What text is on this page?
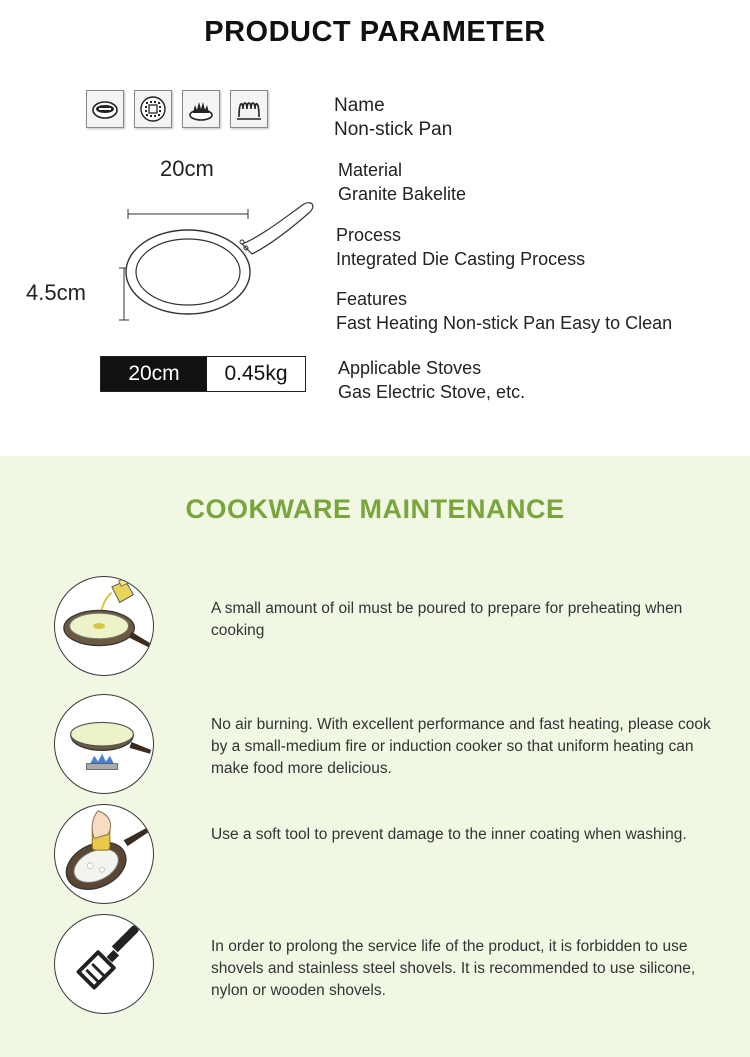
PRODUCT PARAMETER
20cm
4.5cm
20cm	0.45kg
Name
Non-stick Pan
Material
Granite Bakelite
Process
Integrated Die Casting Process
Features
Fast Heating Non-stick Pan Easy to Clean
Applicable Stoves
Gas Electric Stove, etc.
COOKWARE MAINTENANCE

A small amount of oil must be poured to prepare for preheating when cooking

No air burning. With excellent performance and fast heating, please cook by a small-medium fire or induction cooker so that uniform heating can make food more delicious.

Use a soft tool to prevent damage to the inner coating when washing.

In order to prolong the service life of the product, it is forbidden to use shovels and stainless steel shovels. It is recommended to use silicone, nylon or wooden shovels.
